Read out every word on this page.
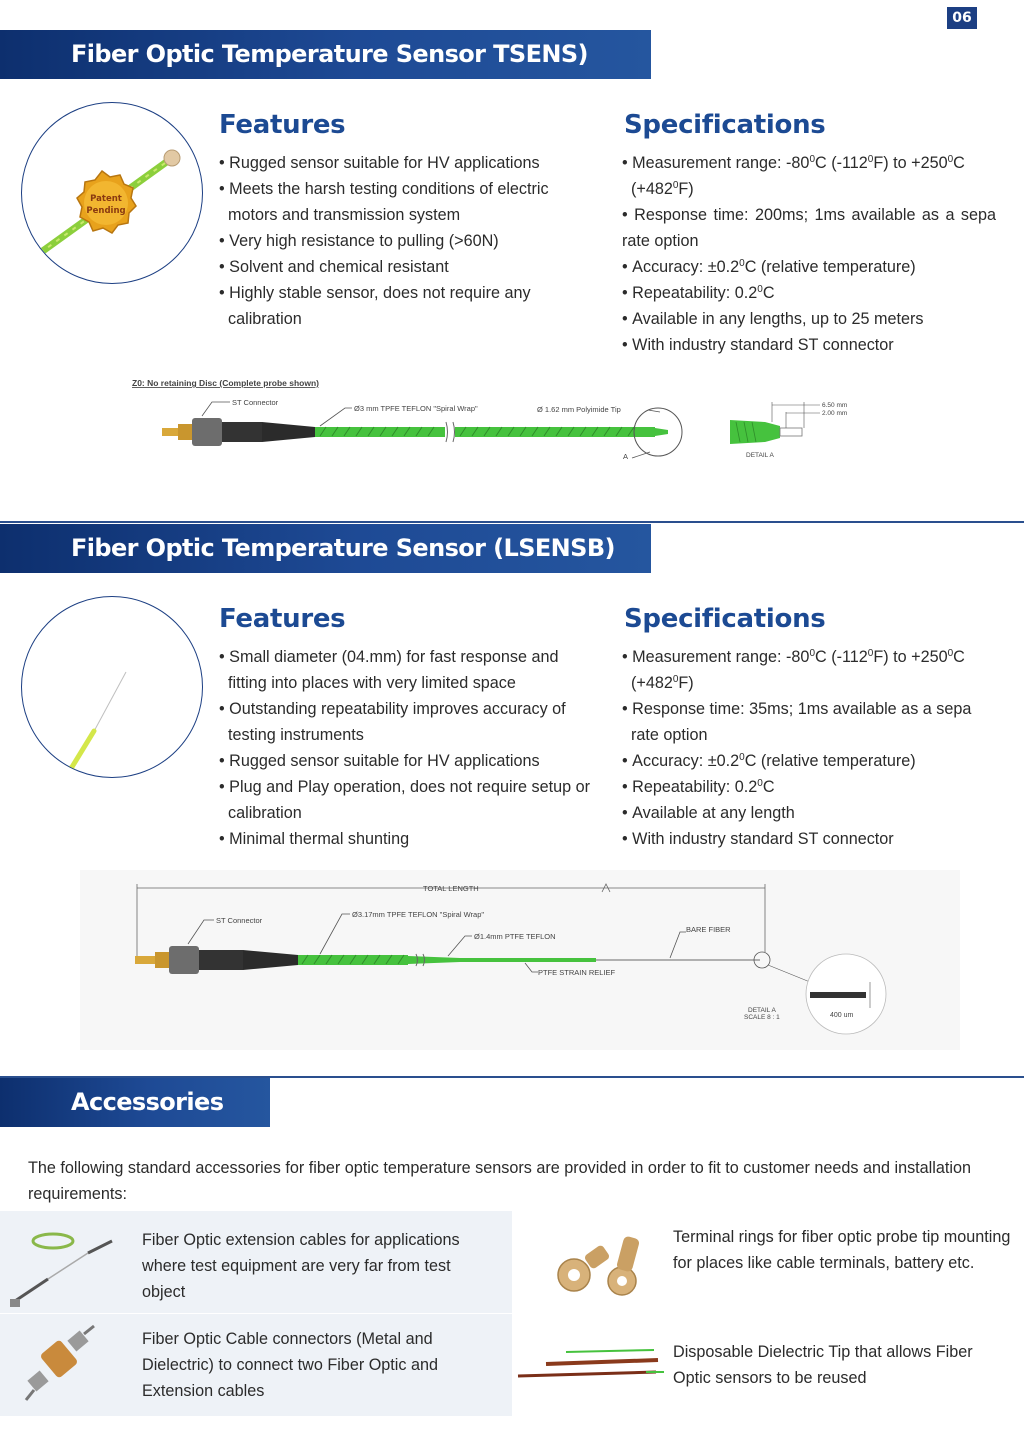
06
Fiber Optic Temperature Sensor TSENS)
Patent
Pending
Features
• Rugged sensor suitable for HV applications
• Meets the harsh testing conditions of electric motors and transmission system
• Very high resistance to pulling (>60N)
• Solvent and chemical resistant
• Highly stable sensor, does not require any calibration
Specifications
• Measurement range: $-80^0C$ $(-112^0F)$ to $+250^0C$ $(+482^0F)$
• Response time: 200ms; 1ms available as a sepa rate option
• Accuracy: $\pm 0.2^0C$ (relative temperature)
• Repeatability: $0.2^0C$
• Available in any lengths, up to 25 meters
• With industry standard ST connector
Z0: No retaining Disc (Complete probe shown)
ST Connector
Ø3 mm TPFE TEFLON "Spiral Wrap"	Ø 1.62 mm Polyimide Tip
A
6.50 mm
2.00 mm
DETAIL A
Fiber Optic Temperature Sensor (LSENSB)
Features
• Small diameter (04.mm) for fast response and fitting into places with very limited space
• Outstanding repeatability improves accuracy of testing instruments
• Rugged sensor suitable for HV applications
• Plug and Play operation, does not require setup or calibration
• Minimal thermal shunting
Specifications
• Measurement range: $-80^0C$ $(-112^0F)$ to $+250^0C$ $(+482^0F)$
• Response time: 35ms; 1ms available as a sepa rate option
• Accuracy: $\pm 0.2^0C$ (relative temperature)
• Repeatability: $0.2^0C$
• Available at any length
• With industry standard ST connector
TOTAL LENGTH
ST Connector
Ø3.17mm TPFE TEFLON "Spiral Wrap"
Ø1.4mm PTFE TEFLON
BARE FIBER
PTFE STRAIN RELIEF
DETAIL A
SCALE 8 : 1	400 um
Accessories
The following standard accessories for fiber optic temperature sensors are provided in order to fit to customer needs and installation requirements:
Fiber Optic extension cables for applications where test equipment are very far from test object
Terminal rings for fiber optic probe tip mounting for places like cable terminals, battery etc.
Fiber Optic Cable connectors (Metal and Dielectric) to connect two Fiber Optic and Extension cables
Disposable Dielectric Tip that allows Fiber Optic sensors to be reused
